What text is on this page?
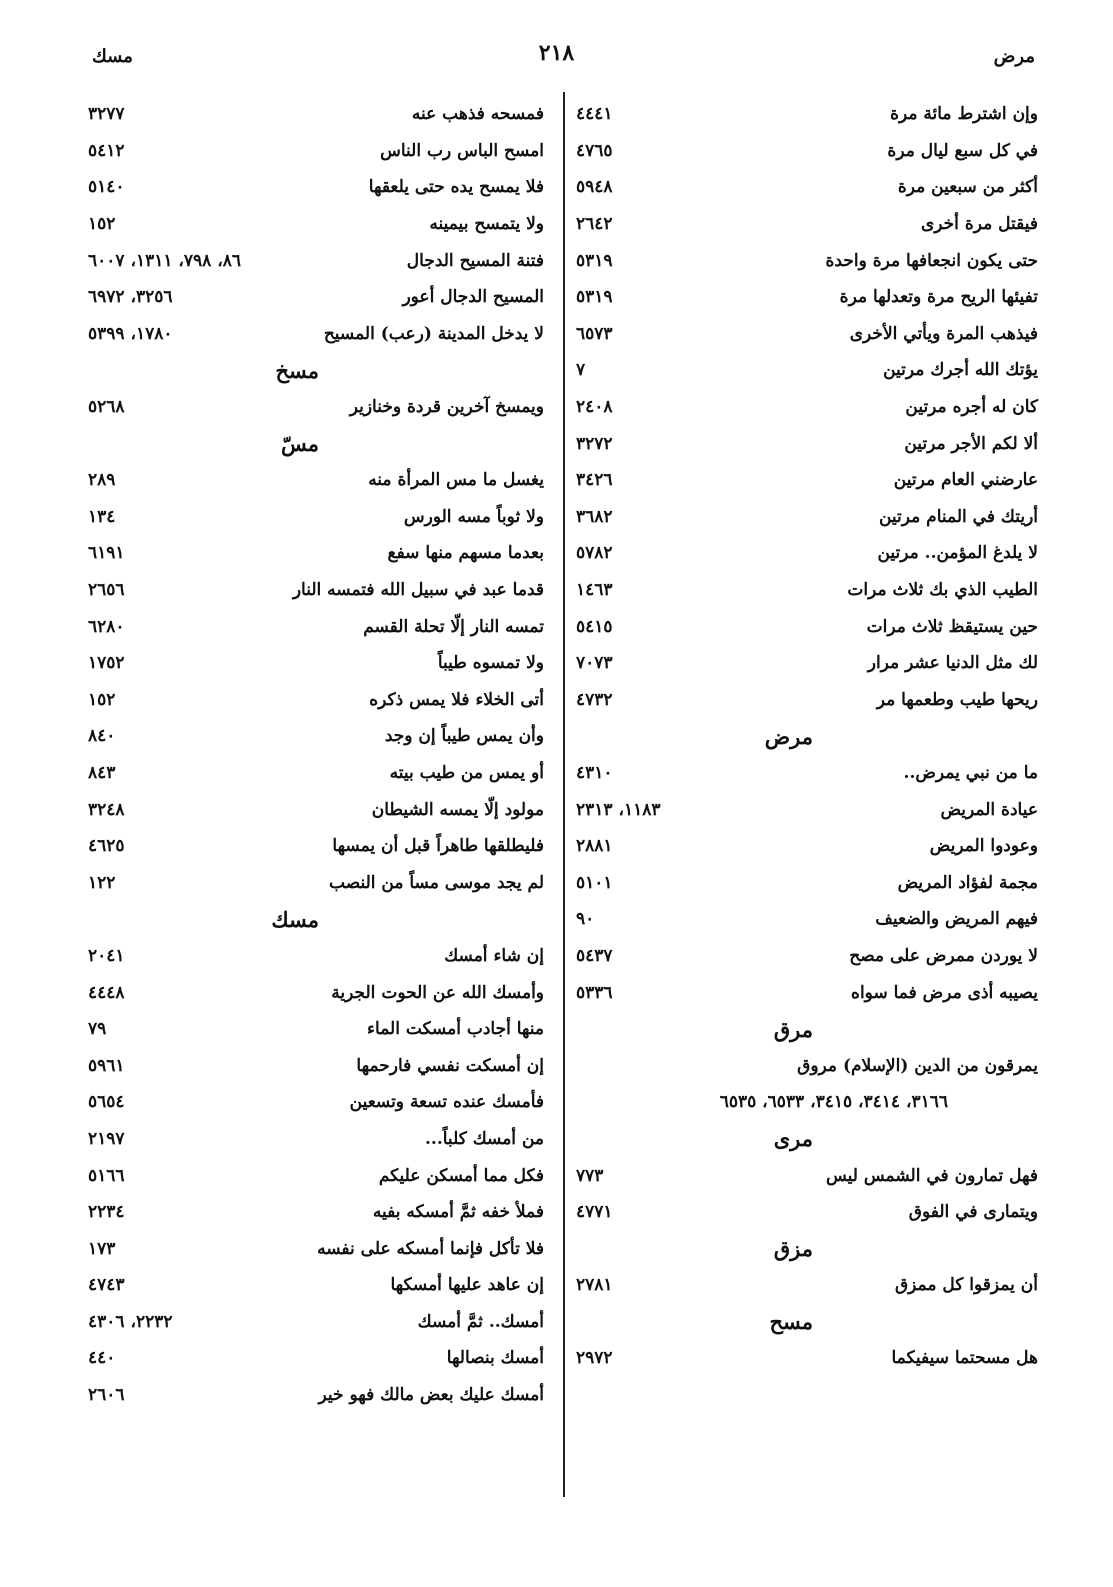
مرض
٢١٨
مسك
وإن اشترط مائة مرة
٤٤٤١
في كل سبع ليال مرة
٤٧٦٥
أكثر من سبعين مرة
٥٩٤٨
فيقتل مرة أخرى
٢٦٤٢
حتى يكون انجعافها مرة واحدة
٥٣١٩
تفيئها الريح مرة وتعدلها مرة
٥٣١٩
فيذهب المرة ويأتي الأخرى
٦٥٧٣
يؤتك الله أجرك مرتين
٧
كان له أجره مرتين
٢٤٠٨
ألا لكم الأجر مرتين
٣٢٧٢
عارضني العام مرتين
٣٤٢٦
أريتك في المنام مرتين
٣٦٨٢
لا يلدغ المؤمن.. مرتين
٥٧٨٢
الطيب الذي بك ثلاث مرات
١٤٦٣
حين يستيقظ ثلاث مرات
٥٤١٥
لك مثل الدنيا عشر مرار
٧٠٧٣
ريحها طيب وطعمها مر
٤٧٣٢
مرض
ما من نبي يمرض..
٤٣١٠
عيادة المريض
١١٨٣، ٢٣١٣
وعودوا المريض
٢٨٨١
مجمة لفؤاد المريض
٥١٠١
فيهم المريض والضعيف
٩٠
لا يوردن ممرض على مصح
٥٤٣٧
يصيبه أذى مرض فما سواه
٥٣٣٦
مرق
يمرقون من الدين (الإسلام) مروق
٣١٦٦، ٣٤١٤، ٣٤١٥، ٦٥٣٣، ٦٥٣٥
مرى
فهل تمارون في الشمس ليس
٧٧٣
ويتمارى في الفوق
٤٧٧١
مزق
أن يمزقوا كل ممزق
٢٧٨١
مسح
هل مسحتما سيفيكما
٢٩٧٢
فمسحه فذهب عنه
٣٢٧٧
امسح الباس رب الناس
٥٤١٢
فلا يمسح يده حتى يلعقها
٥١٤٠
ولا يتمسح بيمينه
١٥٢
فتنة المسيح الدجال
٨٦، ٧٩٨، ١٣١١، ٦٠٠٧
المسيح الدجال أعور
٣٢٥٦، ٦٩٧٢
لا يدخل المدينة (رعب) المسيح
١٧٨٠، ٥٣٩٩
مسخ
ويمسخ آخرين قردة وخنازير
٥٢٦٨
مسّ
يغسل ما مس المرأة منه
٢٨٩
ولا ثوباً مسه الورس
١٣٤
بعدما مسهم منها سفع
٦١٩١
قدما عبد في سبيل الله فتمسه النار
٢٦٥٦
تمسه النار إلّا تحلة القسم
٦٢٨٠
ولا تمسوه طيباً
١٧٥٢
أتى الخلاء فلا يمس ذكره
١٥٢
وأن يمس طيباً إن وجد
٨٤٠
أو يمس من طيب بيته
٨٤٣
مولود إلّا يمسه الشيطان
٣٢٤٨
فليطلقها طاهراً قبل أن يمسها
٤٦٢٥
لم يجد موسى مساً من النصب
١٢٢
مسك
إن شاء أمسك
٢٠٤١
وأمسك الله عن الحوت الجرية
٤٤٤٨
منها أجادب أمسكت الماء
٧٩
إن أمسكت نفسي فارحمها
٥٩٦١
فأمسك عنده تسعة وتسعين
٥٦٥٤
من أمسك كلباً...
٢١٩٧
فكل مما أمسكن عليكم
٥١٦٦
فملأ خفه ثمَّ أمسكه بفيه
٢٢٣٤
فلا تأكل فإنما أمسكه على نفسه
١٧٣
إن عاهد عليها أمسكها
٤٧٤٣
أمسك.. ثمَّ أمسك
٢٢٣٢، ٤٣٠٦
أمسك بنصالها
٤٤٠
أمسك عليك بعض مالك فهو خير
٢٦٠٦
